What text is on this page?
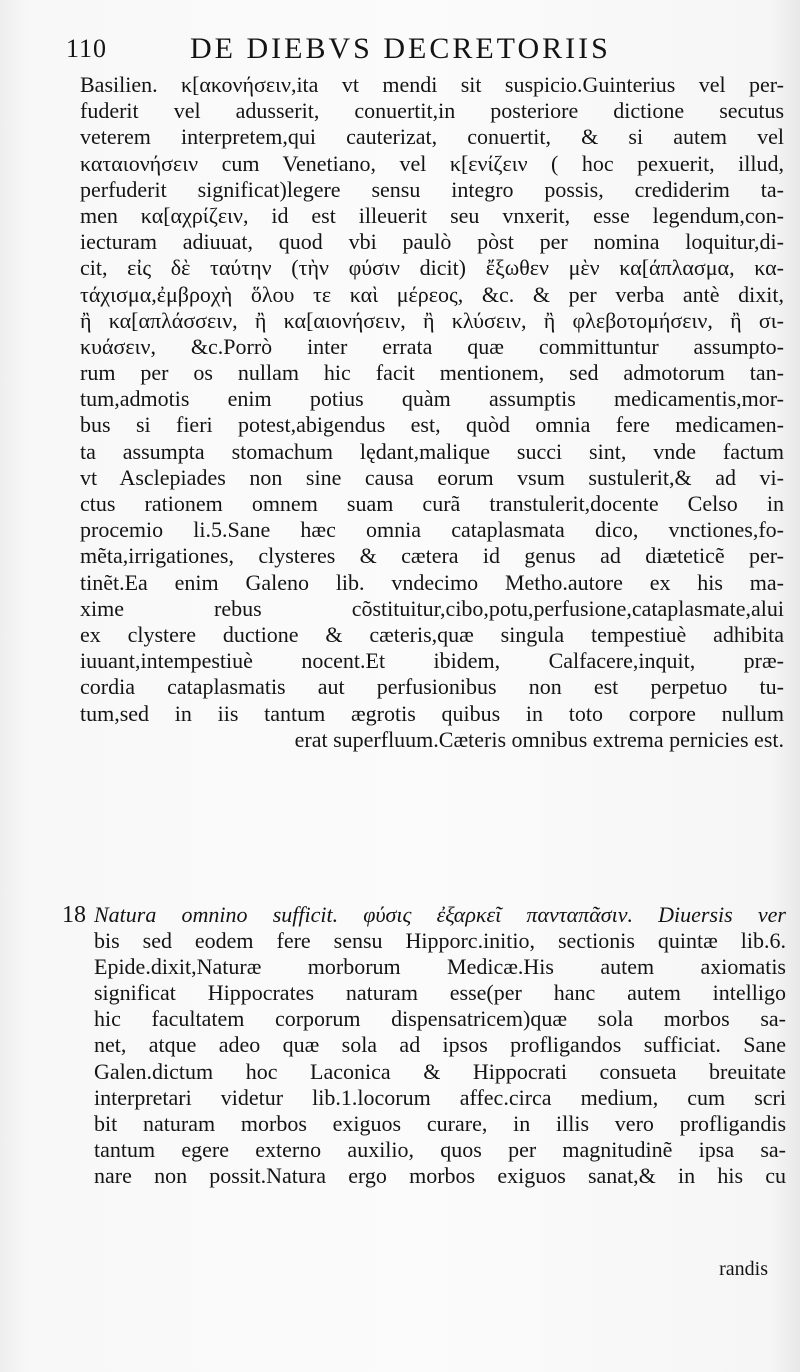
110	DE DIEBVS DECRETORIIS
Basilien. κ[ακονήσειν,ita vt mendi sit suspicio.Guinterius vel per-
fuderit vel adusserit, conuertit,in posteriore dictione secutus
veterem interpretem,qui cauterizat, conuertit, & si autem vel
καταιονήσειν cum Venetiano, vel κ[ενίζειν ( hoc pexuerit, illud,
perfuderit significat)legere sensu integro possis, crediderim ta-
men κα[αχρίζειν, id est illeuerit seu vnxerit, esse legendum,con-
iecturam adiuuat, quod vbi paulò pòst per nomina loquitur,di-
cit, εἰς δὲ ταύτην (τὴν φύσιν dicit) ἔξωθεν μὲν κα[άπλασμα, κα-
τάχισμα,ἐμβροχὴ ὅλου τε καὶ μέρεος, &c. & per verba antè dixit,
ἢ κα[απλάσσειν, ἢ κα[αιονήσειν, ἢ κλύσειν, ἢ φλεβοτομήσειν, ἢ σι-
κυάσειν, &c.Porrò inter errata quæ committuntur assumpto-
rum per os nullam hic facit mentionem, sed admotorum tan-
tum,admotis enim potius quàm assumptis medicamentis,mor-
bus si fieri potest,abigendus est, quòd omnia fere medicamen-
ta assumpta stomachum lędant,malique succi sint, vnde factum
vt Asclepiades non sine causa eorum vsum sustulerit,& ad vi-
ctus rationem omnem suam curã transtulerit,docente Celso in
procemio li.5.Sane hæc omnia cataplasmata dico, vnctiones,fo-
mẽta,irrigationes, clysteres & cætera id genus ad diæteticẽ per-
tinẽt.Ea enim Galeno lib. vndecimo Metho.autore ex his ma-
xime rebus cõstituitur,cibo,potu,perfusione,cataplasmate,alui
ex clystere ductione & cæteris,quæ singula tempestiuè adhibita
iuuant,intempestiuè nocent.Et ibidem, Calfacere,inquit, præ-
cordia cataplasmatis aut perfusionibus non est perpetuo tu-
tum,sed in iis tantum ægrotis quibus in toto corpore nullum
erat superfluum.Cæteris omnibus extrema pernicies est.
18 Natura omnino sufficit. φύσις ἐξαρκεῖ πανταπᾶσιν. Diuersis ver
bis sed eodem fere sensu Hipporc.initio, sectionis quintæ lib.6.
Epide.dixit,Naturæ morborum Medicæ.His autem axiomatis
significat Hippocrates naturam esse(per hanc autem intelligo
hic facultatem corporum dispensatricem)quæ sola morbos sa-
net, atque adeo quæ sola ad ipsos profligandos sufficiat. Sane
Galen.dictum hoc Laconica & Hippocrati consueta breuitate
interpretari videtur lib.1.locorum affec.circa medium, cum scri
bit naturam morbos exiguos curare, in illis vero profligandis
tantum egere externo auxilio, quos per magnitudinẽ ipsa sa-
nare non possit.Natura ergo morbos exiguos sanat,& in his cu
randis
